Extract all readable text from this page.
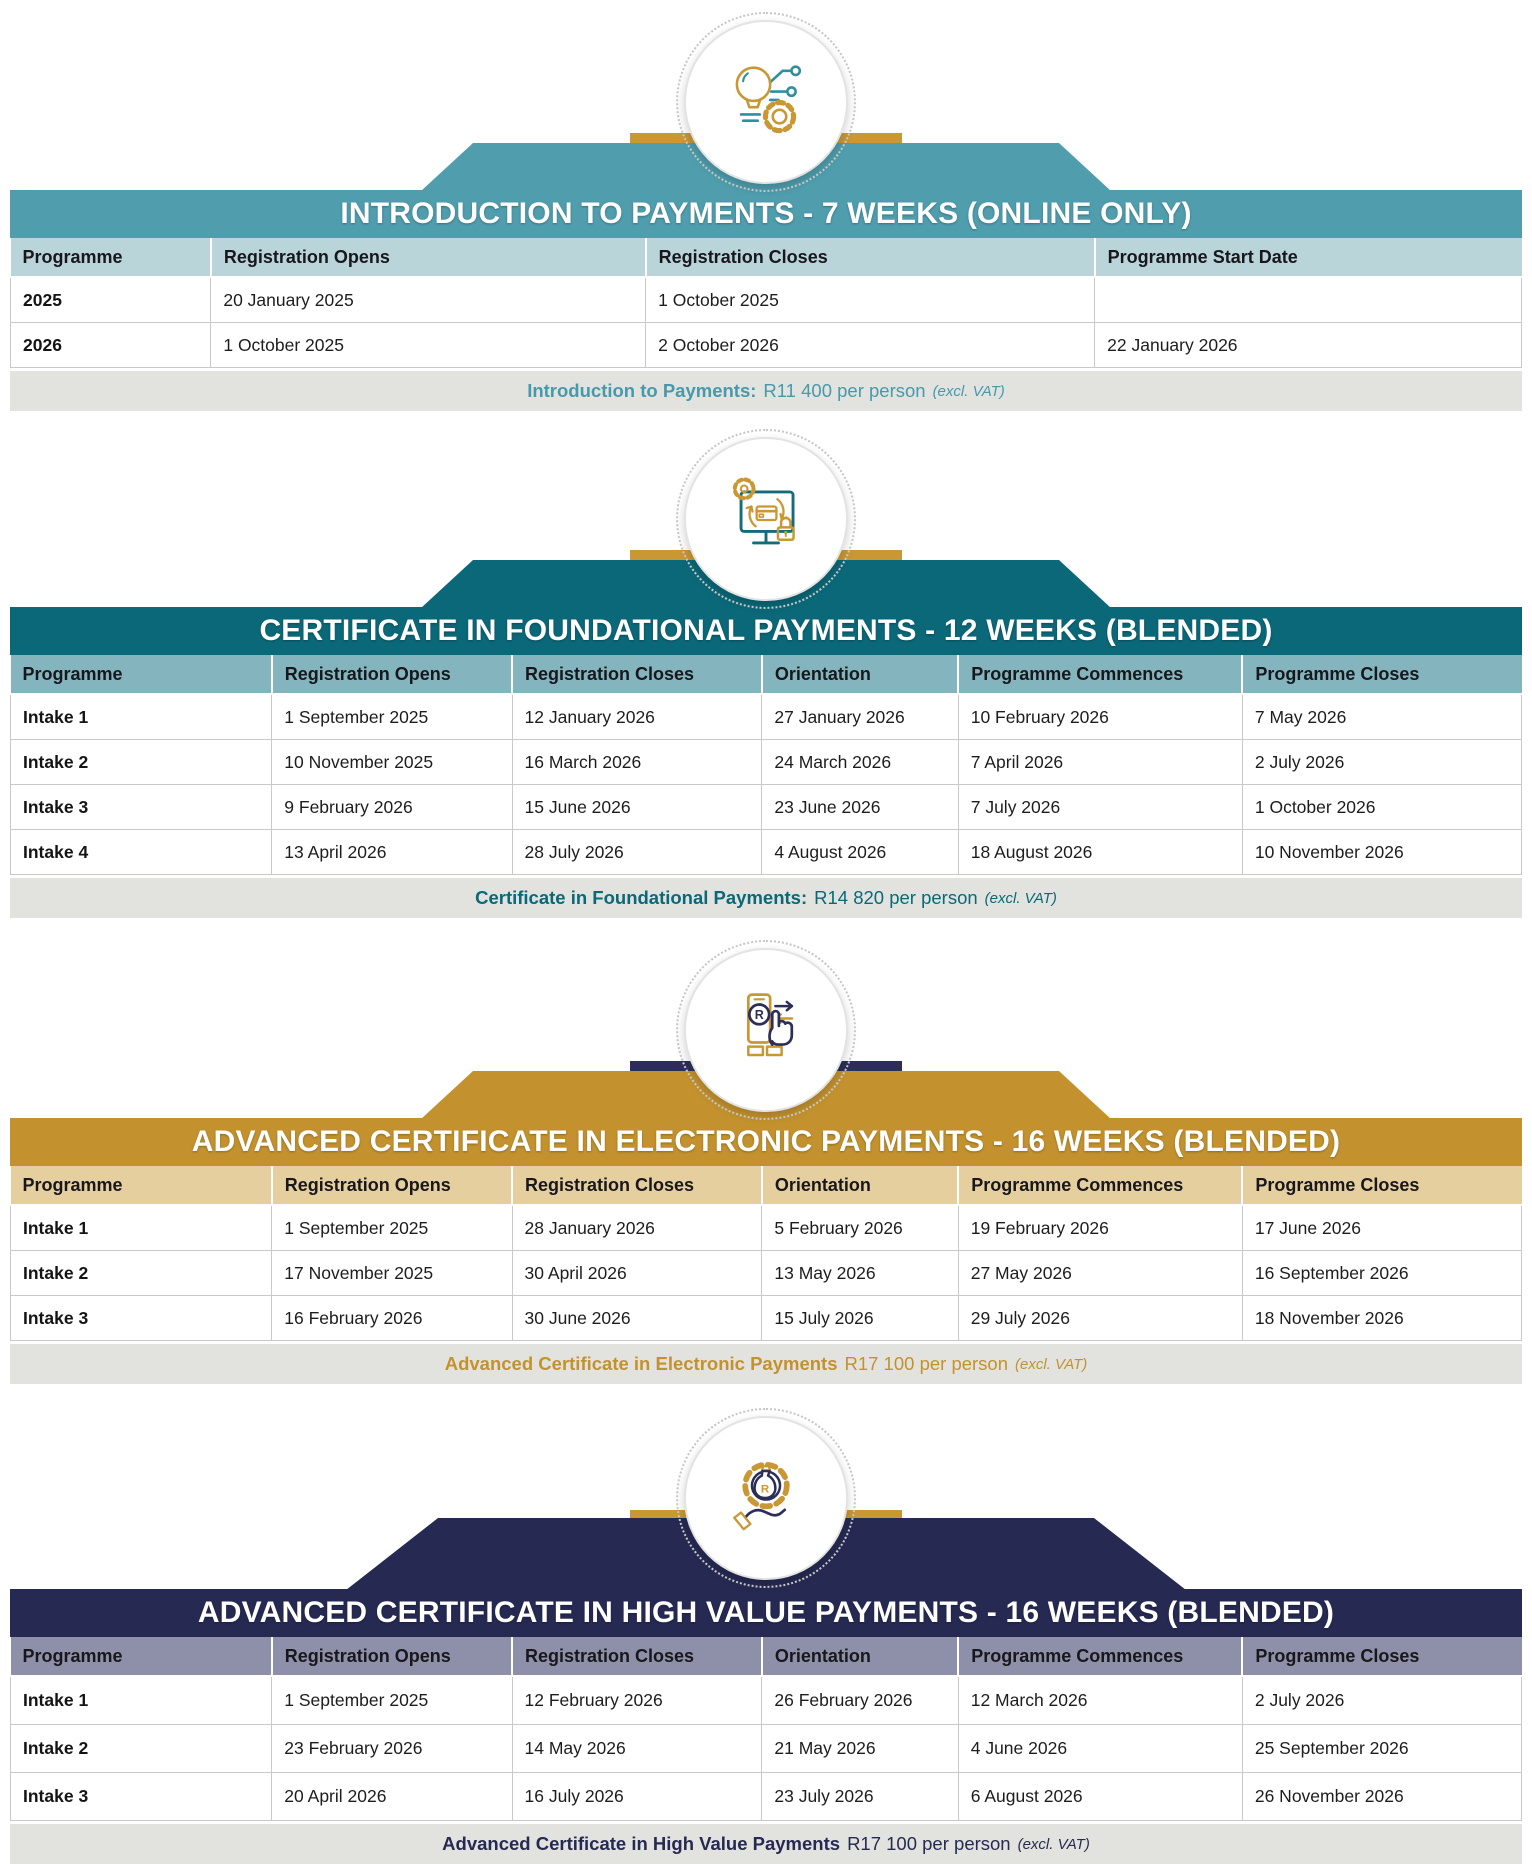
INTRODUCTION TO PAYMENTS - 7 WEEKS (ONLINE ONLY)
Programme	Registration Opens	Registration Closes	Programme Start Date
2025	20 January 2025	1 October 2025	
2026	1 October 2025	2 October 2026	22 January 2026
Introduction to Payments: R11 400 per person (excl. VAT)
CERTIFICATE IN FOUNDATIONAL PAYMENTS - 12 WEEKS (BLENDED)
Programme	Registration Opens	Registration Closes	Orientation	Programme Commences	Programme Closes
Intake 1	1 September 2025	12 January 2026	27 January 2026	10 February 2026	7 May 2026
Intake 2	10 November 2025	16 March 2026	24 March 2026	7 April 2026	2 July 2026
Intake 3	9 February 2026	15 June 2026	23 June 2026	7 July 2026	1 October 2026
Intake 4	13 April 2026	28 July 2026	4 August 2026	18 August 2026	10 November 2026
Certificate in Foundational Payments: R14 820 per person (excl. VAT)
R
ADVANCED CERTIFICATE IN ELECTRONIC PAYMENTS - 16 WEEKS (BLENDED)
Programme	Registration Opens	Registration Closes	Orientation	Programme Commences	Programme Closes
Intake 1	1 September 2025	28 January 2026	5 February 2026	19 February 2026	17 June 2026
Intake 2	17 November 2025	30 April 2026	13 May 2026	27 May 2026	16 September 2026
Intake 3	16 February 2026	30 June 2026	15 July 2026	29 July 2026	18 November 2026
Advanced Certificate in Electronic Payments R17 100 per person (excl. VAT)
R
ADVANCED CERTIFICATE IN HIGH VALUE PAYMENTS - 16 WEEKS (BLENDED)
Programme	Registration Opens	Registration Closes	Orientation	Programme Commences	Programme Closes
Intake 1	1 September 2025	12 February 2026	26 February 2026	12 March 2026	2 July 2026
Intake 2	23 February 2026	14 May 2026	21 May 2026	4 June 2026	25 September 2026
Intake 3	20 April 2026	16 July 2026	23 July 2026	6 August 2026	26 November 2026
Advanced Certificate in High Value Payments R17 100 per person (excl. VAT)
